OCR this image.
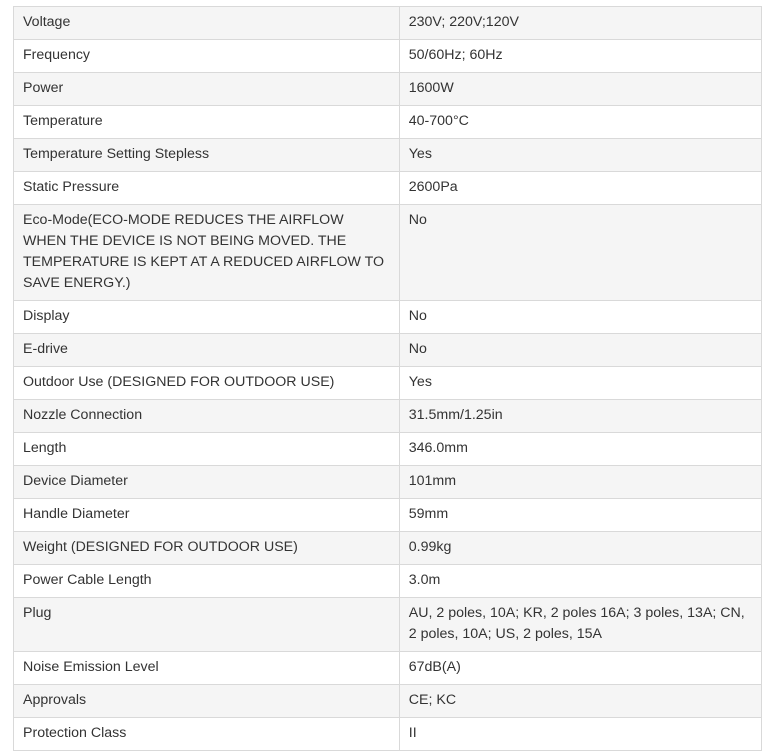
Voltage	230V; 220V;120V
Frequency	50/60Hz; 60Hz
Power	1600W
Temperature	40-700°C
Temperature Setting Stepless	Yes
Static Pressure	2600Pa
Eco-Mode(ECO-MODE REDUCES THE AIRFLOW WHEN THE DEVICE IS NOT BEING MOVED. THE TEMPERATURE IS KEPT AT A REDUCED AIRFLOW TO SAVE ENERGY.)	No
Display	No
E-drive	No
Outdoor Use (DESIGNED FOR OUTDOOR USE)	Yes
Nozzle Connection	31.5mm/1.25in
Length	346.0mm
Device Diameter	101mm
Handle Diameter	59mm
Weight (DESIGNED FOR OUTDOOR USE)	0.99kg
Power Cable Length	3.0m
Plug	AU, 2 poles, 10A; KR, 2 poles 16A; 3 poles, 13A; CN, 2 poles, 10A; US, 2 poles, 15A
Noise Emission Level	67dB(A)
Approvals	CE; KC
Protection Class	II
